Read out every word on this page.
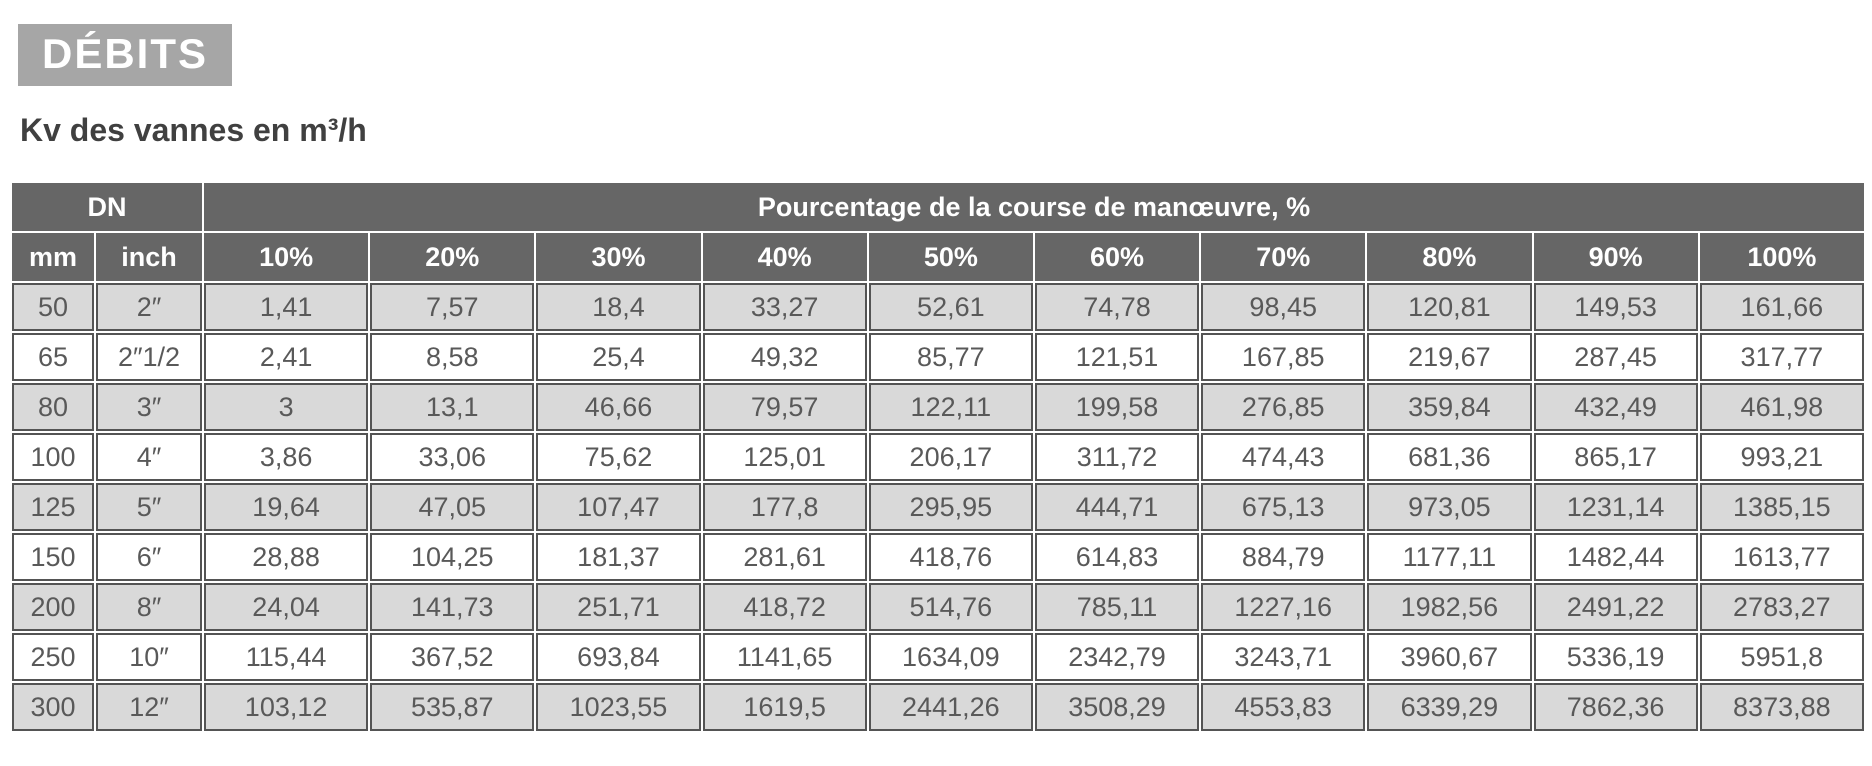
DÉBITS
Kv des vannes en m³/h
DN		Pourcentage de la course de manœuvre, %									
mm	inch	10%	20%	30%	40%	50%	60%	70%	80%	90%	100%
50	2″	1,41	7,57	18,4	33,27	52,61	74,78	98,45	120,81	149,53	161,66
65	2″1/2	2,41	8,58	25,4	49,32	85,77	121,51	167,85	219,67	287,45	317,77
80	3″	3	13,1	46,66	79,57	122,11	199,58	276,85	359,84	432,49	461,98
100	4″	3,86	33,06	75,62	125,01	206,17	311,72	474,43	681,36	865,17	993,21
125	5″	19,64	47,05	107,47	177,8	295,95	444,71	675,13	973,05	1231,14	1385,15
150	6″	28,88	104,25	181,37	281,61	418,76	614,83	884,79	1177,11	1482,44	1613,77
200	8″	24,04	141,73	251,71	418,72	514,76	785,11	1227,16	1982,56	2491,22	2783,27
250	10″	115,44	367,52	693,84	1141,65	1634,09	2342,79	3243,71	3960,67	5336,19	5951,8
300	12″	103,12	535,87	1023,55	1619,5	2441,26	3508,29	4553,83	6339,29	7862,36	8373,88
